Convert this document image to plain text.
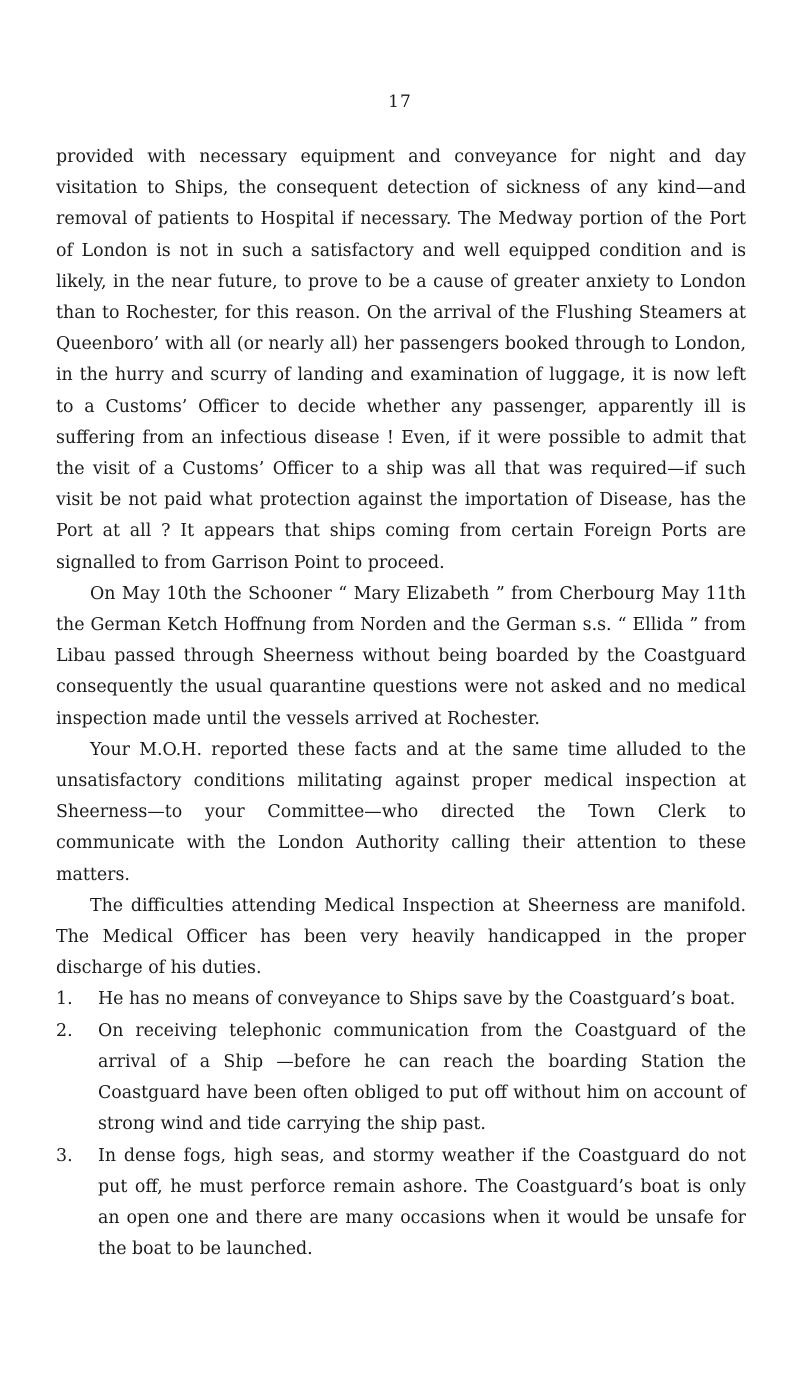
17

provided with necessary equipment and conveyance for night and day visitation to Ships, the consequent detection of sickness of any kind—and removal of patients to Hospital if necessary. The Medway portion of the Port of London is not in such a satisfactory and well equipped condition and is likely, in the near future, to prove to be a cause of greater anxiety to London than to Rochester, for this reason. On the arrival of the Flushing Steamers at Queenboro’ with all (or nearly all) her passengers booked through to London, in the hurry and scurry of landing and examination of luggage, it is now left to a Customs’ Officer to decide whether any passenger, apparently ill is suffering from an infectious disease ! Even, if it were possible to admit that the visit of a Customs’ Officer to a ship was all that was required—if such visit be not paid what protection against the importation of Disease, has the Port at all ? It appears that ships coming from certain Foreign Ports are signalled to from Garrison Point to proceed.

On May 10th the Schooner “ Mary Elizabeth ” from Cherbourg May 11th the German Ketch Hoffnung from Norden and the German s.s. “ Ellida ” from Libau passed through Sheerness without being boarded by the Coastguard consequently the usual quarantine questions were not asked and no medical inspection made until the vessels arrived at Rochester.

Your M.O.H. reported these facts and at the same time alluded to the unsatisfactory conditions militating against proper medical inspection at Sheerness—to your Committee—who directed the Town Clerk to communicate with the London Authority calling their attention to these matters.

The difficulties attending Medical Inspection at Sheerness are manifold. The Medical Officer has been very heavily handicapped in the proper discharge of his duties.

1.	He has no means of conveyance to Ships save by the Coastguard’s boat.
2.	On receiving telephonic communication from the Coastguard of the arrival of a Ship —before he can reach the boarding Station the Coastguard have been often obliged to put off without him on account of strong wind and tide carrying the ship past.
3.	In dense fogs, high seas, and stormy weather if the Coastguard do not put off, he must perforce remain ashore. The Coastguard’s boat is only an open one and there are many occasions when it would be unsafe for the boat to be launched.
